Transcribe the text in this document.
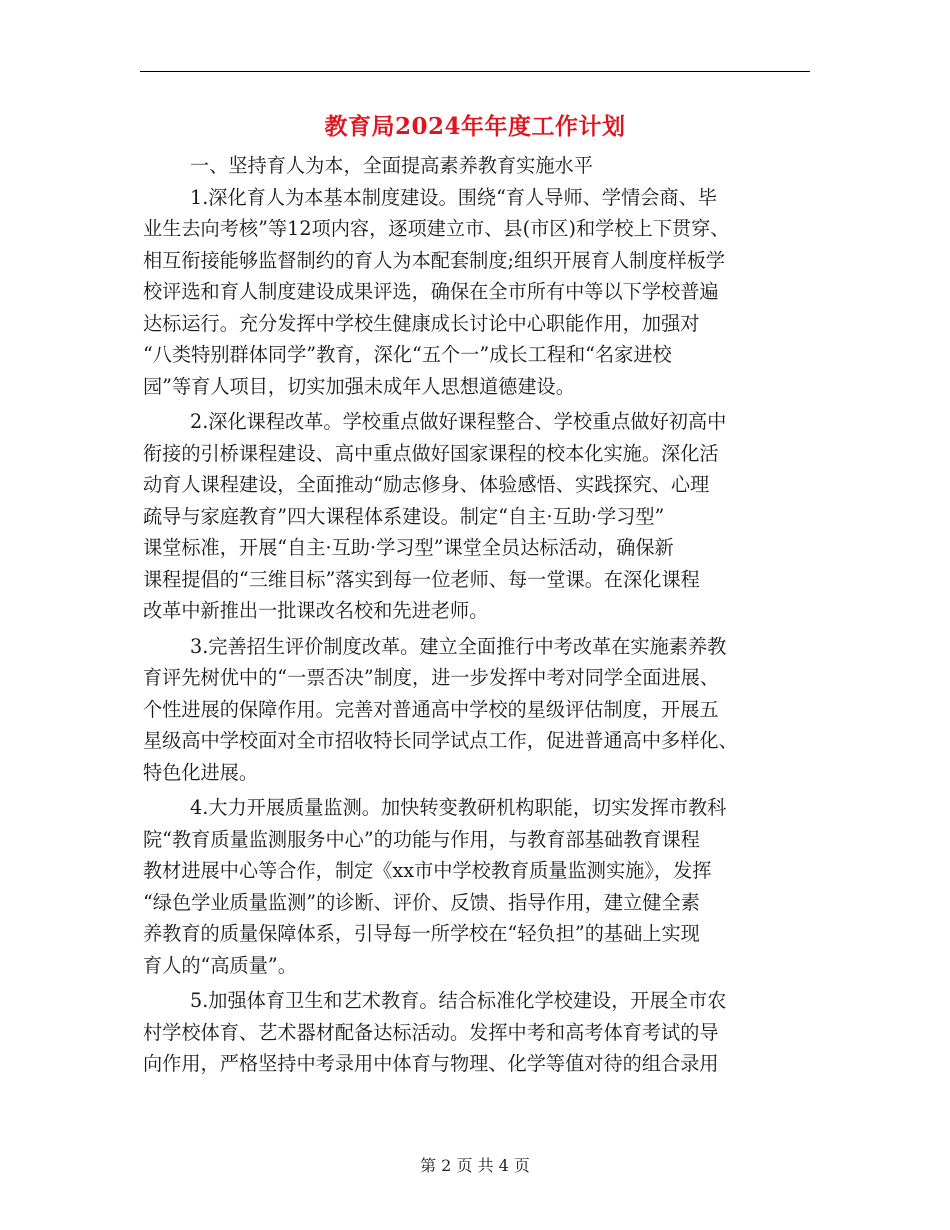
教育局2024年年度工作计划
一、坚持育人为本，全面提高素养教育实施水平
1.深化育人为本基本制度建设。围绕“育人导师、学情会商、毕
业生去向考核”等12项内容，逐项建立市、县(市区)和学校上下贯穿、
相互衔接能够监督制约的育人为本配套制度;组织开展育人制度样板学
校评选和育人制度建设成果评选，确保在全市所有中等以下学校普遍
达标运行。充分发挥中学校生健康成长讨论中心职能作用，加强对
“八类特别群体同学”教育，深化“五个一”成长工程和“名家进校
园”等育人项目，切实加强未成年人思想道德建设。
2.深化课程改革。学校重点做好课程整合、学校重点做好初高中
衔接的引桥课程建设、高中重点做好国家课程的校本化实施。深化活
动育人课程建设，全面推动“励志修身、体验感悟、实践探究、心理
疏导与家庭教育”四大课程体系建设。制定“自主·互助·学习型”
课堂标准，开展“自主·互助·学习型”课堂全员达标活动，确保新
课程提倡的“三维目标”落实到每一位老师、每一堂课。在深化课程
改革中新推出一批课改名校和先进老师。
3.完善招生评价制度改革。建立全面推行中考改革在实施素养教
育评先树优中的“一票否决”制度，进一步发挥中考对同学全面进展、
个性进展的保障作用。完善对普通高中学校的星级评估制度，开展五
星级高中学校面对全市招收特长同学试点工作，促进普通高中多样化、
特色化进展。
4.大力开展质量监测。加快转变教研机构职能，切实发挥市教科
院“教育质量监测服务中心”的功能与作用，与教育部基础教育课程
教材进展中心等合作，制定《xx市中学校教育质量监测实施》，发挥
“绿色学业质量监测”的诊断、评价、反馈、指导作用，建立健全素
养教育的质量保障体系，引导每一所学校在“轻负担”的基础上实现
育人的“高质量”。
5.加强体育卫生和艺术教育。结合标准化学校建设，开展全市农
村学校体育、艺术器材配备达标活动。发挥中考和高考体育考试的导
向作用，严格坚持中考录用中体育与物理、化学等值对待的组合录用
第 2 页 共 4 页
